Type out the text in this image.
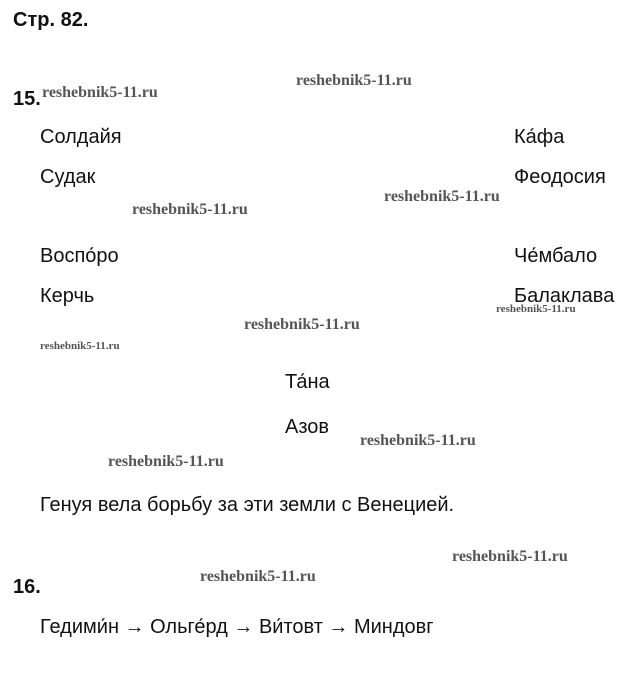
Стр. 82.
15.
Солдайя	Ка́фа
Судак	Феодосия
Воспо́ро	Че́мбало
Керчь	Балаклава
Та́на
Азов
Генуя вела борьбу за эти земли с Венецией.
16.
Гедими́н → Ольге́рд → Ви́товт → Миндовг
reshebnik5-11.ru
reshebnik5-11.ru
reshebnik5-11.ru
reshebnik5-11.ru
reshebnik5-11.ru
reshebnik5-11.ru
reshebnik5-11.ru
reshebnik5-11.ru
reshebnik5-11.ru
reshebnik5-11.ru
reshebnik5-11.ru
